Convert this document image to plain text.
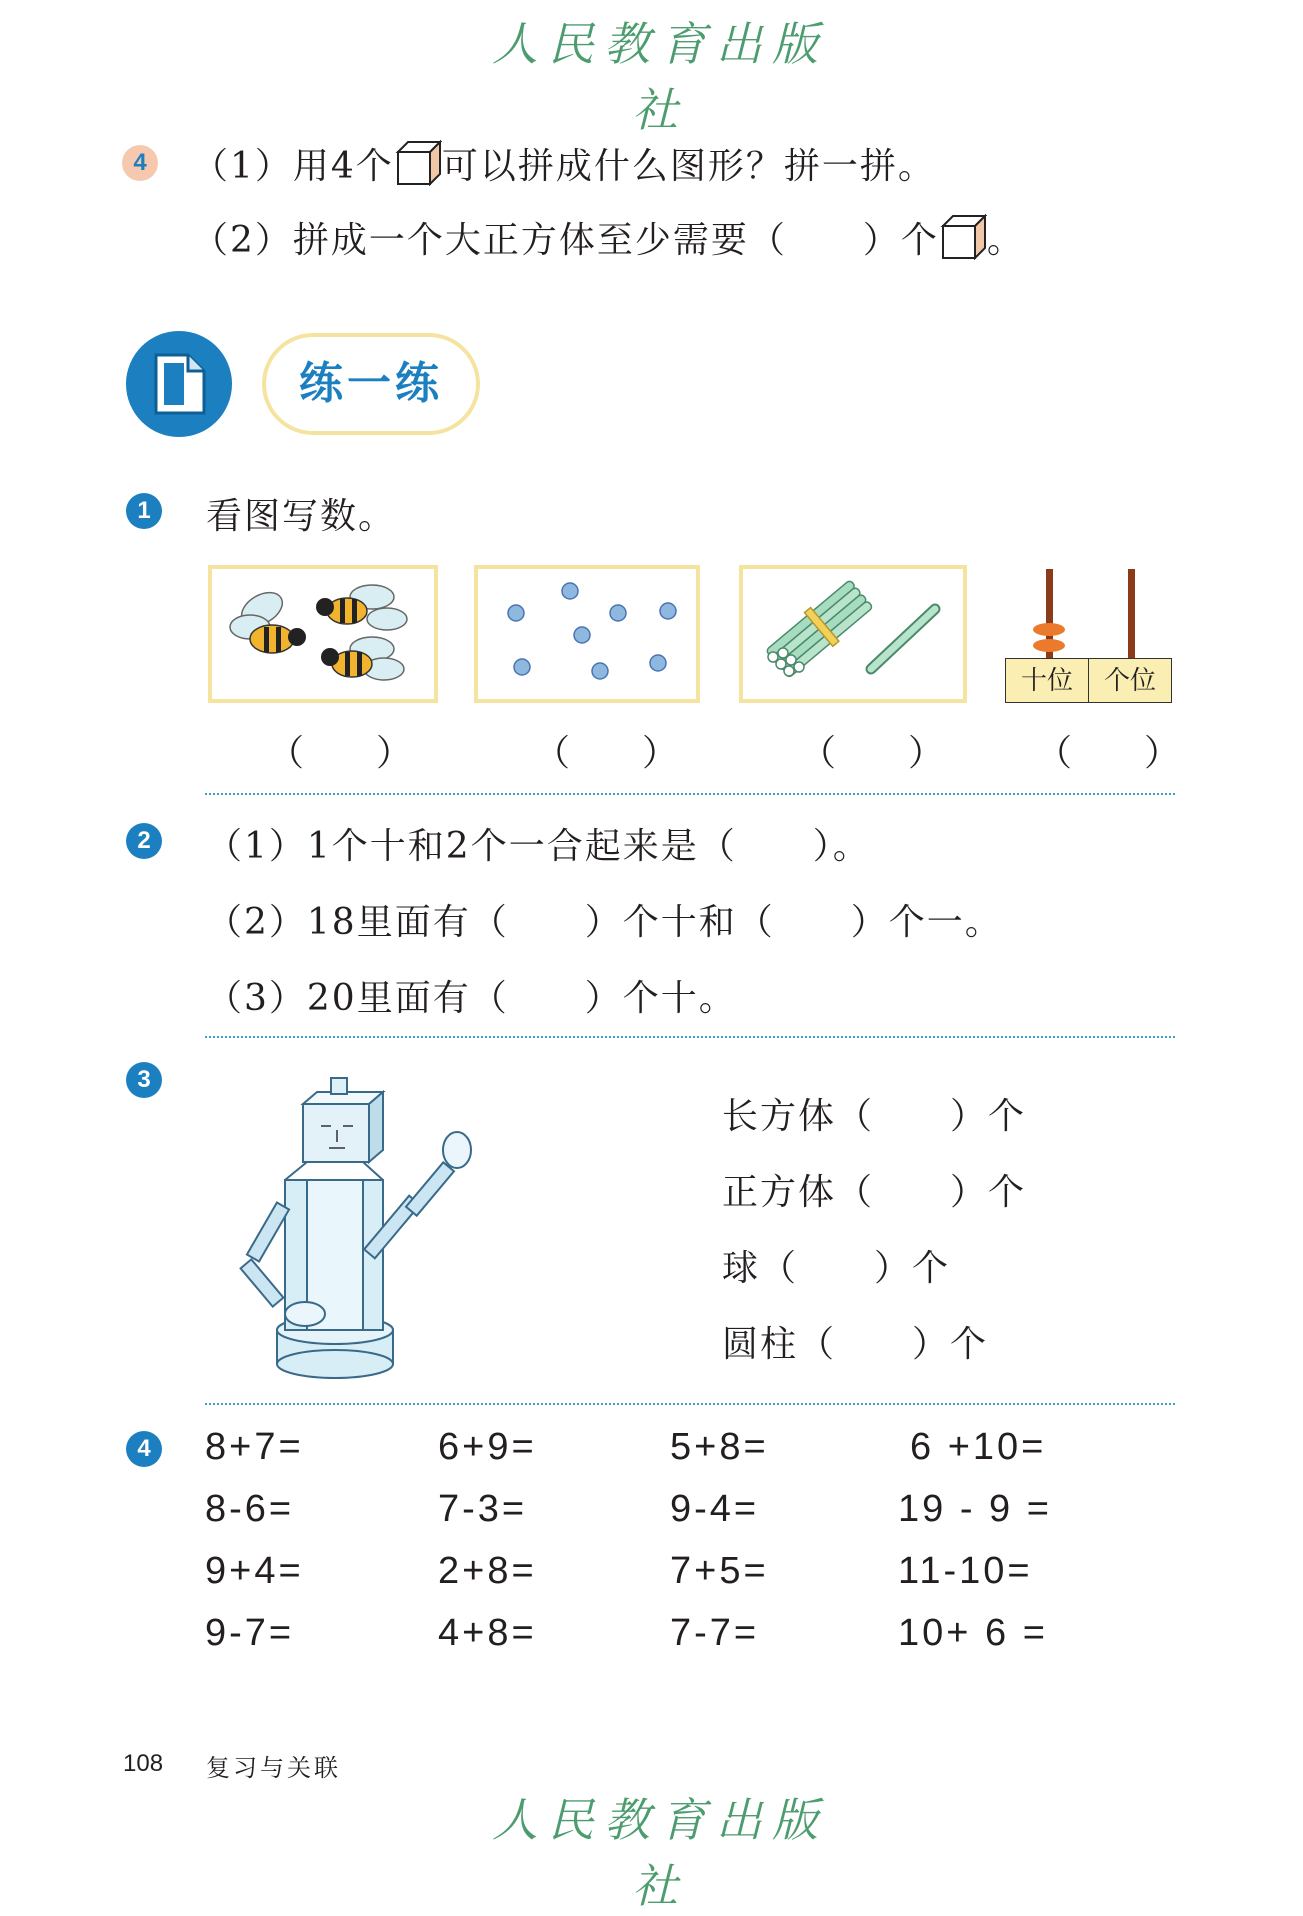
人民教育出版社
4	（1）用4个 可以拼成什么图形？拼一拼。
（2）拼成一个大正方体至少需要（　　）个 。
练一练
1	看图写数。
十位	个位
（　　）	（　　）	（　　）	（　　）
2	（1）1个十和2个一合起来是（　　）。
（2）18里面有（　　）个十和（　　）个一。
（3）20里面有（　　）个十。
3
长方体（　　）个
正方体（　　）个
球（　　）个
圆柱（　　）个
4 8+7=	6+9=	5+8=	6 +10=
8-6=	7-3=	9-4=	19 - 9 =
9+4=	2+8=	7+5=	11-10=
9-7=	4+8=	7-7=	10+ 6 =
108 复习与关联
人民教育出版社
